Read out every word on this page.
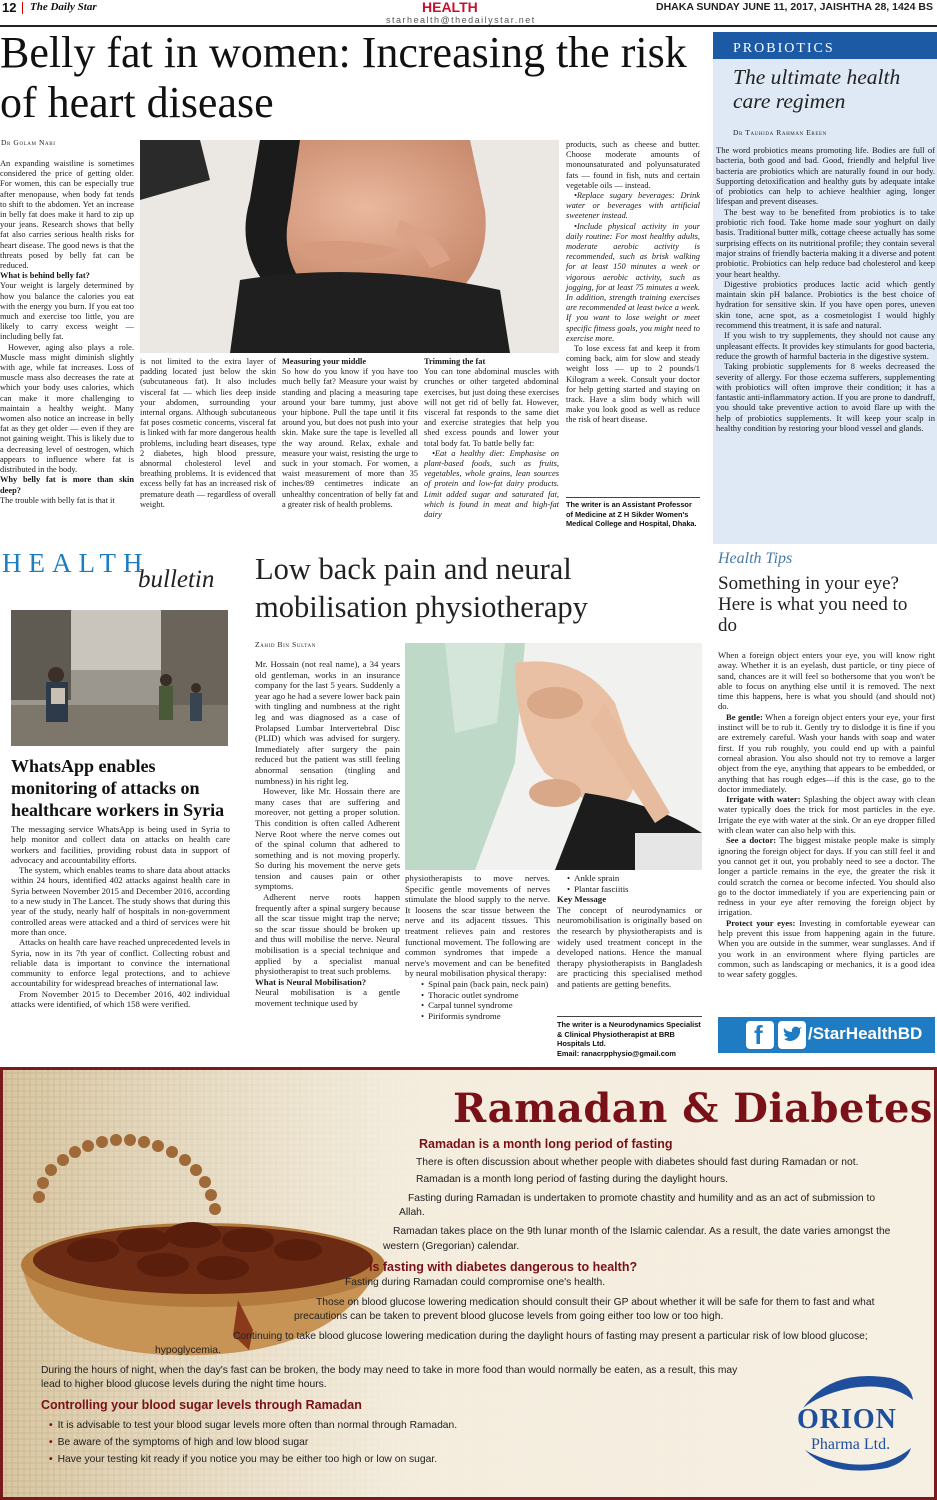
12 The Daily Star	HEALTH
starhealth@thedailystar.net
DHAKA SUNDAY JUNE 11, 2017, JAISHTHA 28, 1424 BS
Belly fat in women: Increasing the risk of heart disease
Dr Golam Nabi

An expanding waistline is sometimes considered the price of getting older. For women, this can be especially true after menopause, when body fat tends to shift to the abdomen. Yet an increase in belly fat does make it hard to zip up your jeans. Research shows that belly fat also carries serious health risks for heart disease. The good news is that the threats posed by belly fat can be reduced.

What is behind belly fat?

Your weight is largely determined by how you balance the calories you eat with the energy you burn. If you eat too much and exercise too little, you are likely to carry excess weight — including belly fat.

However, aging also plays a role. Muscle mass might diminish slightly with age, while fat increases. Loss of muscle mass also decreases the rate at which your body uses calories, which can make it more challenging to maintain a healthy weight. Many women also notice an increase in belly fat as they get older — even if they are not gaining weight. This is likely due to a decreasing level of oestrogen, which appears to influence where fat is distributed in the body.

Why belly fat is more than skin deep?

The trouble with belly fat is that it

is not limited to the extra layer of padding located just below the skin (subcutaneous fat). It also includes visceral fat — which lies deep inside your abdomen, surrounding your internal organs. Although subcutaneous fat poses cosmetic concerns, visceral fat is linked with far more dangerous health problems, including heart diseases, type 2 diabetes, high blood pressure, abnormal cholesterol level and breathing problems. It is evidenced that excess belly fat has an increased risk of premature death — regardless of overall weight.

Measuring your middle

So how do you know if you have too much belly fat? Measure your waist by standing and placing a measuring tape around your bare tummy, just above your hipbone. Pull the tape until it fits around you, but does not push into your skin. Make sure the tape is levelled all the way around. Relax, exhale and measure your waist, resisting the urge to suck in your stomach. For women, a waist measurement of more than 35 inches/89 centimetres indicate an unhealthy concentration of belly fat and a greater risk of health problems.

Trimming the fat

You can tone abdominal muscles with crunches or other targeted abdominal exercises, but just doing these exercises will not get rid of belly fat. However, visceral fat responds to the same diet and exercise strategies that help you shed excess pounds and lower your total body fat. To battle belly fat:

•Eat a healthy diet: Emphasise on plant-based foods, such as fruits, vegetables, whole grains, lean sources of protein and low-fat dairy products. Limit added sugar and saturated fat, which is found in meat and high-fat dairy

products, such as cheese and butter. Choose moderate amounts of monounsaturated and polyunsaturated fats — found in fish, nuts and certain vegetable oils — instead.

•Replace sugary beverages: Drink water or beverages with artificial sweetener instead.

•Include physical activity in your daily routine: For most healthy adults, moderate aerobic activity is recommended, such as brisk walking for at least 150 minutes a week or vigorous aerobic activity, such as jogging, for at least 75 minutes a week. In addition, strength training exercises are recommended at least twice a week. If you want to lose weight or meet specific fitness goals, you might need to exercise more.

To lose excess fat and keep it from coming back, aim for slow and steady weight loss — up to 2 pounds/1 Kilogram a week. Consult your doctor for help getting started and staying on track. Have a slim body which will make you look good as well as reduce the risk of heart disease.

The writer is an Assistant Professor of Medicine at Z H Sikder Women's Medical College and Hospital, Dhaka.
PROBIOTICS
The ultimate health care regimen
Dr Tauhida Rahman Ereen

The word probiotics means promoting life. Bodies are full of bacteria, both good and bad. Good, friendly and helpful live bacteria are probiotics which are naturally found in our body. Supporting detoxification and healthy guts by adequate intake of probiotics can help to achieve healthier aging, longer lifespan and prevent diseases.

The best way to be benefited from probiotics is to take probiotic rich food. Take home made sour yoghurt on daily basis. Traditional butter milk, cottage cheese actually has some surprising effects on its nutritional profile; they contain several major strains of friendly bacteria making it a diverse and potent probiotic. Probiotics can help reduce bad cholesterol and keep your heart healthy.

Digestive probiotics produces lactic acid which gently maintain skin pH balance. Probiotics is the best choice of hydration for sensitive skin. If you have open pores, uneven skin tone, acne spot, as a cosmetologist I would highly recommend this treatment, it is safe and natural.

If you wish to try supplements, they should not cause any unpleasant effects. It provides key stimulants for good bacteria, reduce the growth of harmful bacteria in the digestive system.

Taking probiotic supplements for 8 weeks decreased the severity of allergy. For those eczema sufferers, supplementing with probiotics will often improve their condition; it has a fantastic anti-inflammatory action. If you are prone to dandruff, you should take preventive action to avoid flare up with the help of probiotics supplements. It will keep your scalp in healthy condition by restoring your blood vessel and glands.

HEALTH
bulletin
WhatsApp enables monitoring of attacks on healthcare workers in Syria

The messaging service WhatsApp is being used in Syria to help monitor and collect data on attacks on health care workers and facilities, providing robust data in support of advocacy and accountability efforts.

The system, which enables teams to share data about attacks within 24 hours, identified 402 attacks against health care in Syria between November 2015 and December 2016, according to a new study in The Lancet. The study shows that during this year of the study, nearly half of hospitals in non-government controlled areas were attacked and a third of services were hit more than once.

Attacks on health care have reached unprecedented levels in Syria, now in its 7th year of conflict. Collecting robust and reliable data is important to convince the international community to enforce legal protections, and to achieve accountability for widespread breaches of international law.

From November 2015 to December 2016, 402 individual attacks were identified, of which 158 were verified.

Low back pain and neural mobilisation physiotherapy
Zahid Bin Sultan

Mr. Hossain (not real name), a 34 years old gentleman, works in an insurance company for the last 5 years. Suddenly a year ago he had a severe lower back pain with tingling and numbness at the right leg and was diagnosed as a case of Prolapsed Lumbar Intervertebral Disc (PLID) which was advised for surgery. Immediately after surgery the pain reduced but the patient was still feeling abnormal sensation (tingling and numbness) in his right leg.

However, like Mr. Hossain there are many cases that are suffering and moreover, not getting a proper solution. This condition is often called Adherent Nerve Root where the nerve comes out of the spinal column that adhered to something and is not moving properly. So during his movement the nerve gets tension and causes pain or other symptoms.

Adherent nerve roots happen frequently after a spinal surgery because all the scar tissue might trap the nerve; so the scar tissue should be broken up and thus will mobilise the nerve. Neural mobilisation is a special technique and applied by a specialist manual physiotherapist to treat such problems.

What is Neural Mobilisation?

Neural mobilisation is a gentle movement technique used by

physiotherapists to move nerves. Specific gentle movements of nerves stimulate the blood supply to the nerve. It loosens the scar tissue between the nerve and its adjacent tissues. This treatment relieves pain and restores functional movement. The following are common syndromes that impede a nerve's movement and can be benefited by neural mobilisation physical therapy:

• Spinal pain (back pain, neck pain)
• Thoracic outlet syndrome
• Carpal tunnel syndrome
• Piriformis syndrome
• Ankle sprain
• Plantar fasciitis

Key Message

The concept of neurodynamics or neuromobilisation is originally based on the research by physiotherapists and is widely used treatment concept in the developed nations. Hence the manual therapy physiotherapists in Bangladesh are practicing this specialised method and patients are getting benefits.

The writer is a Neurodynamics Specialist & Clinical Physiotherapist at BRB Hospitals Ltd.
Email: ranacrpphysio@gmail.com
Health Tips
Something in your eye? Here is what you need to do

When a foreign object enters your eye, you will know right away. Whether it is an eyelash, dust particle, or tiny piece of sand, chances are it will feel so bothersome that you won't be able to focus on anything else until it is removed. The next time this happens, here is what you should (and should not) do.

Be gentle: When a foreign object enters your eye, your first instinct will be to rub it. Gently try to dislodge it is fine if you are extremely careful. Wash your hands with soap and water first. If you rub roughly, you could end up with a painful corneal abrasion. You also should not try to remove a larger object from the eye, anything that appears to be embedded, or anything that has rough edges—if this is the case, go to the doctor immediately.

Irrigate with water: Splashing the object away with clean water typically does the trick for most particles in the eye. Irrigate the eye with water at the sink. Or an eye dropper filled with clean water can also help with this.

See a doctor: The biggest mistake people make is simply ignoring the foreign object for days. If you can still feel it and you cannot get it out, you probably need to see a doctor. The longer a particle remains in the eye, the greater the risk it could scratch the cornea or become infected. You should also go to the doctor immediately if you are experiencing pain or redness in your eye after removing the foreign object by irrigation.

Protect your eyes: Investing in comfortable eyewear can help prevent this issue from happening again in the future. When you are outside in the summer, wear sunglasses. And if you work in an environment where flying particles are common, such as landscaping or mechanics, it is a good idea to wear safety goggles.

f	/StarHealthBD
Ramadan & Diabetes
Ramadan is a month long period of fasting
There is often discussion about whether people with diabetes should fast during Ramadan or not.
Ramadan is a month long period of fasting during the daylight hours.
Fasting during Ramadan is undertaken to promote chastity and humility and as an act of submission to
Allah.
Ramadan takes place on the 9th lunar month of the Islamic calendar. As a result, the date varies amongst the
western (Gregorian) calendar.
Is fasting with diabetes dangerous to health?
Fasting during Ramadan could compromise one's health.
Those on blood glucose lowering medication should consult their GP about whether it will be safe for them to fast and what
precautions can be taken to prevent blood glucose levels from going either too low or too high.
Continuing to take blood glucose lowering medication during the daylight hours of fasting may present a particular risk of low blood glucose;
hypoglycemia.
During the hours of night, when the day's fast can be broken, the body may need to take in more food than would normally be eaten, as a result, this may
lead to higher blood glucose levels during the night time hours.
Controlling your blood sugar levels through Ramadan
• It is advisable to test your blood sugar levels more often than normal through Ramadan.
• Be aware of the symptoms of high and low blood sugar
• Have your testing kit ready if you notice you may be either too high or low on sugar.
ORION
Pharma Ltd.
